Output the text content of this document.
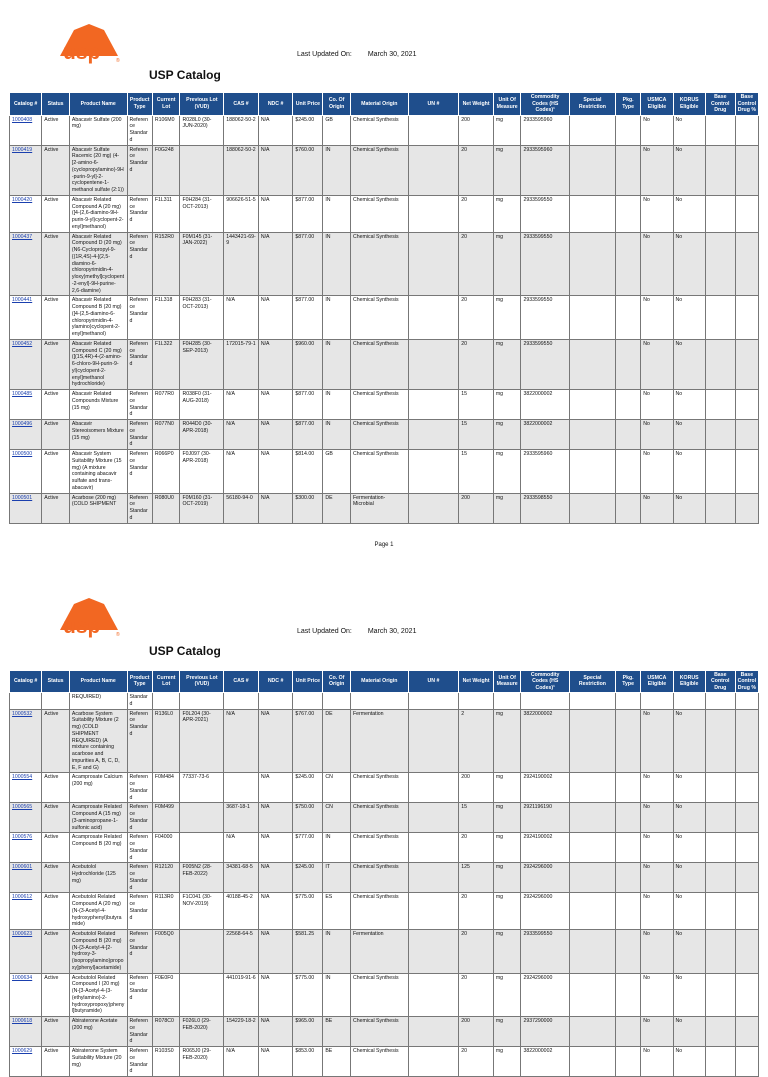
usp	®
Last Updated On: March 30, 2021
USP Catalog
Catalog #	Status	Product Name	Product Type	Current Lot	Previous Lot (VUD)	CAS #	NDC #	Unit Price	Co. Of Origin	Material Origin	UN #	Net Weight	Unit Of Measure	Commodity Codes (HS Codes)¹	Special Restriction	Pkg. Type	USMCA Eligible	KORUS Eligible	Base Control Drug	Base Control Drug %
1000408	Active	Abacavir Sulfate (200 mg)	Reference Standard	R106M0	R028L0 (30-JUN-2020)	188062-50-2	N/A	$245.00	GB	Chemical Synthesis		200	mg	2933595960			No	No		
1000419	Active	Abacavir Sulfate Racemic (20 mg) (4-[2-amino-6-(cyclopropylamino)-9H-purin-9-yl]-2-cyclopentene-1-methanol sulfate (2:1))	Reference Standard	F0G248		188062-50-2	N/A	$760.00	IN	Chemical Synthesis		20	mg	2933595960			No	No		
1000420	Active	Abacavir Related Compound A (20 mg) ([4-(2,6-diamino-9H-purin-9-yl)cyclopent-2-enyl]methanol)	Reference Standard	F1L311	F0H284 (31-OCT-2013)	906626-51-5	N/A	$877.00	IN	Chemical Synthesis		20	mg	2933599550			No	No		
1000437	Active	Abacavir Related Compound D (20 mg) (N6-Cyclopropyl-9-{(1R,4S)-4-[(2,5-diamino-6-chloropyrimidin-4-yloxy)methyl]cyclopent-2-enyl}-9H-purine-2,6-diamine)	Reference Standard	R152R0	F0M145 (31-JAN-2022)	1443421-69-9	N/A	$877.00	IN	Chemical Synthesis		20	mg	2933599550			No	No		
1000441	Active	Abacavir Related Compound B (20 mg) ([4-(2,5-diamino-6-chloropyrimidin-4-ylamino)cyclopent-2-enyl]methanol)	Reference Standard	F1L318	F0H283 (31-OCT-2013)	N/A	N/A	$877.00	IN	Chemical Synthesis		20	mg	2933599550			No	No		
1000452	Active	Abacavir Related Compound C (20 mg) ([(1S,4R)-4-(2-amino-6-chloro-9H-purin-9-yl)cyclopent-2-enyl]methanol hydrochloride)	Reference Standard	F1L322	F0H285 (30-SEP-2013)	172015-79-1	N/A	$960.00	IN	Chemical Synthesis		20	mg	2933599550			No	No		
1000485	Active	Abacavir Related Compounds Mixture (15 mg)	Reference Standard	R077R0	R038F0 (31-AUG-2018)	N/A	N/A	$877.00	IN	Chemical Synthesis		15	mg	3822000002			No	No		
1000496	Active	Abacavir Stereoisomers Mixture (15 mg)	Reference Standard	R077N0	R044D0 (30-APR-2018)	N/A	N/A	$877.00	IN	Chemical Synthesis		15	mg	3822000002			No	No		
1000500	Active	Abacavir System Suitability Mixture (15 mg) (A mixture containing abacavir sulfate and trans-abacavir)	Reference Standard	R066P0	F0J097 (30-APR-2018)	N/A	N/A	$814.00	GB	Chemical Synthesis		15	mg	2933595960			No	No		
1000501	Active	Acarbose (200 mg) (COLD SHIPMENT	Reference Standard	R080U0	F0M160 (31-OCT-2019)	56180-94-0	N/A	$300.00	DE	Fermentation-Microbial		200	mg	2933598550			No	No		
Page 1
usp	®	Last Updated On: March 30, 2021
USP Catalog
Catalog #	Status	Product Name	Product Type	Current Lot	Previous Lot (VUD)	CAS #	NDC #	Unit Price	Co. Of Origin	Material Origin	UN #	Net Weight	Unit Of Measure	Commodity Codes (HS Codes)¹	Special Restriction	Pkg. Type	USMCA Eligible	KORUS Eligible	Base Control Drug	Base Control Drug %
		REQUIRED)	Standard																	
1000532	Active	Acarbose System Suitability Mixture (2 mg) (COLD SHIPMENT REQUIRED) (A mixture containing acarbose and impurities A, B, C, D, E, F and G)	Reference Standard	R136L0	F0L204 (30-APR-2021)	N/A	N/A	$767.00	DE	Fermentation		2	mg	3822000002			No	No		
1000554	Active	Acamprosate Calcium (200 mg)	Reference Standard	F0M484	77337-73-6		N/A	$245.00	CN	Chemical Synthesis		200	mg	2924190002			No	No		
1000565	Active	Acamprosate Related Compound A (15 mg) (3-aminopropane-1-sulfonic acid)	Reference Standard	F0M499		3687-18-1	N/A	$750.00	CN	Chemical Synthesis		15	mg	2921196190			No	No		
1000576	Active	Acamprosate Related Compound B (20 mg)	Reference Standard	F04000		N/A	N/A	$777.00	IN	Chemical Synthesis		20	mg	2924190002			No	No		
1000601	Active	Acebutolol Hydrochloride (125 mg)	Reference Standard	R12120	F005N2 (28-FEB-2022)	34381-68-5	N/A	$245.00	IT	Chemical Synthesis		125	mg	2924296000			No	No		
1000612	Active	Acebutolol Related Compound A (20 mg) (N-(3-Acetyl-4-hydroxyphenyl)butyramide)	Reference Standard	R113R0	F1C041 (30-NOV-2019)	40188-45-2	N/A	$775.00	ES	Chemical Synthesis		20	mg	2924296000			No	No		
1000623	Active	Acebutolol Related Compound B (20 mg) (N-{3-Acetyl-4-[2-hydroxy-3-(isopropylamino)propoxy]phenyl}acetamide)	Reference Standard	F005Q0		22568-64-5	N/A	$581.25	IN	Fermentation		20	mg	2933599550			No	No		
1000634	Active	Acebutolol Related Compound I (20 mg) (N-[3-Acetyl-4-(3-(ethylamino)-2-hydroxypropoxy)phenyl]butyramide)	Reference Standard	F0E0F0		441019-91-6	N/A	$775.00	IN	Chemical Synthesis		20	mg	2924296000			No	No		
1000618	Active	Abiraterone Acetate (200 mg)	Reference Standard	R078C0	F026L0 (29-FEB-2020)	154229-18-2	N/A	$965.00	BE	Chemical Synthesis		200	mg	2937290000			No	No		
1000629	Active	Abiraterone System Suitability Mixture (20 mg)	Reference Standard	R103S0	R065J0 (29-FEB-2020)	N/A	N/A	$853.00	BE	Chemical Synthesis		20	mg	3822000002			No	No		
